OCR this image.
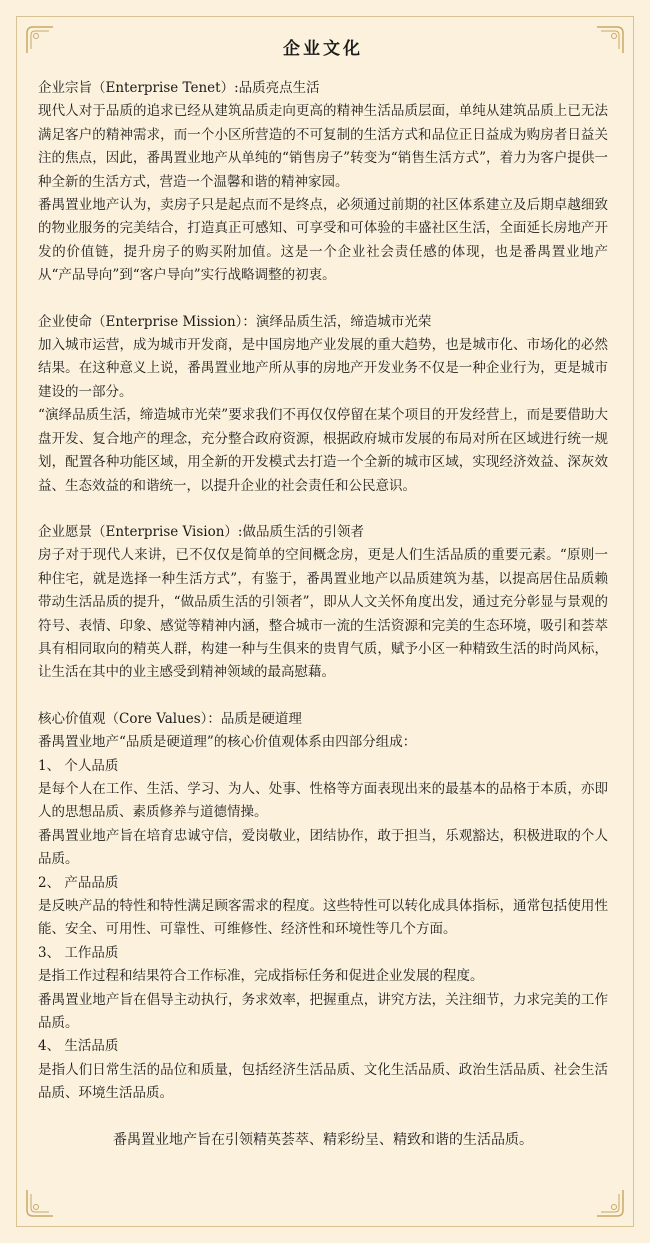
企业文化
企业宗旨（Enterprise Tenet）:品质亮点生活
现代人对于品质的追求已经从建筑品质走向更高的精神生活品质层面，单纯从建筑品质上已无法满足客户的精神需求，而一个小区所营造的不可复制的生活方式和品位正日益成为购房者日益关注的焦点，因此，番禺置业地产从单纯的“销售房子”转变为“销售生活方式”，着力为客户提供一种全新的生活方式，营造一个温馨和谐的精神家园。
番禺置业地产认为，卖房子只是起点而不是终点，必须通过前期的社区体系建立及后期卓越细致的物业服务的完美结合，打造真正可感知、可享受和可体验的丰盛社区生活，全面延长房地产开发的价值链，提升房子的购买附加值。这是一个企业社会责任感的体现，也是番禺置业地产从“产品导向”到“客户导向”实行战略调整的初衷。
企业使命（Enterprise Mission）：演绎品质生活，缔造城市光荣
加入城市运营，成为城市开发商，是中国房地产业发展的重大趋势，也是城市化、市场化的必然结果。在这种意义上说，番禺置业地产所从事的房地产开发业务不仅是一种企业行为，更是城市建设的一部分。
“演绎品质生活，缔造城市光荣”要求我们不再仅仅停留在某个项目的开发经营上，而是要借助大盘开发、复合地产的理念，充分整合政府资源，根据政府城市发展的布局对所在区域进行统一规划，配置各种功能区域，用全新的开发模式去打造一个全新的城市区域，实现经济效益、深灰效益、生态效益的和谐统一，以提升企业的社会责任和公民意识。
企业愿景（Enterprise Vision）:做品质生活的引领者
房子对于现代人来讲，已不仅仅是简单的空间概念房，更是人们生活品质的重要元素。“原则一种住宅，就是选择一种生活方式”，有鉴于，番禺置业地产以品质建筑为基，以提高居住品质赖带动生活品质的提升，“做品质生活的引领者”，即从人文关怀角度出发，通过充分彰显与景观的符号、表情、印象、感觉等精神内涵，整合城市一流的生活资源和完美的生态环境，吸引和荟萃具有相同取向的精英人群，构建一种与生俱来的贵胄气质，赋予小区一种精致生活的时尚风标，让生活在其中的业主感受到精神领域的最高慰藉。
核心价值观（Core Values）：品质是硬道理
番禺置业地产“品质是硬道理”的核心价值观体系由四部分组成：
1、 个人品质
是每个人在工作、生活、学习、为人、处事、性格等方面表现出来的最基本的品格于本质，亦即人的思想品质、素质修养与道德情操。
番禺置业地产旨在培育忠诚守信，爱岗敬业，团结协作，敢于担当，乐观豁达，积极进取的个人品质。
2、 产品品质
是反映产品的特性和特性满足顾客需求的程度。这些特性可以转化成具体指标，通常包括使用性能、安全、可用性、可靠性、可维修性、经济性和环境性等几个方面。
3、 工作品质
是指工作过程和结果符合工作标准，完成指标任务和促进企业发展的程度。
番禺置业地产旨在倡导主动执行，务求效率，把握重点，讲究方法，关注细节，力求完美的工作品质。
4、 生活品质
是指人们日常生活的品位和质量，包括经济生活品质、文化生活品质、政治生活品质、社会生活品质、环境生活品质。
番禺置业地产旨在引领精英荟萃、精彩纷呈、精致和谐的生活品质。
